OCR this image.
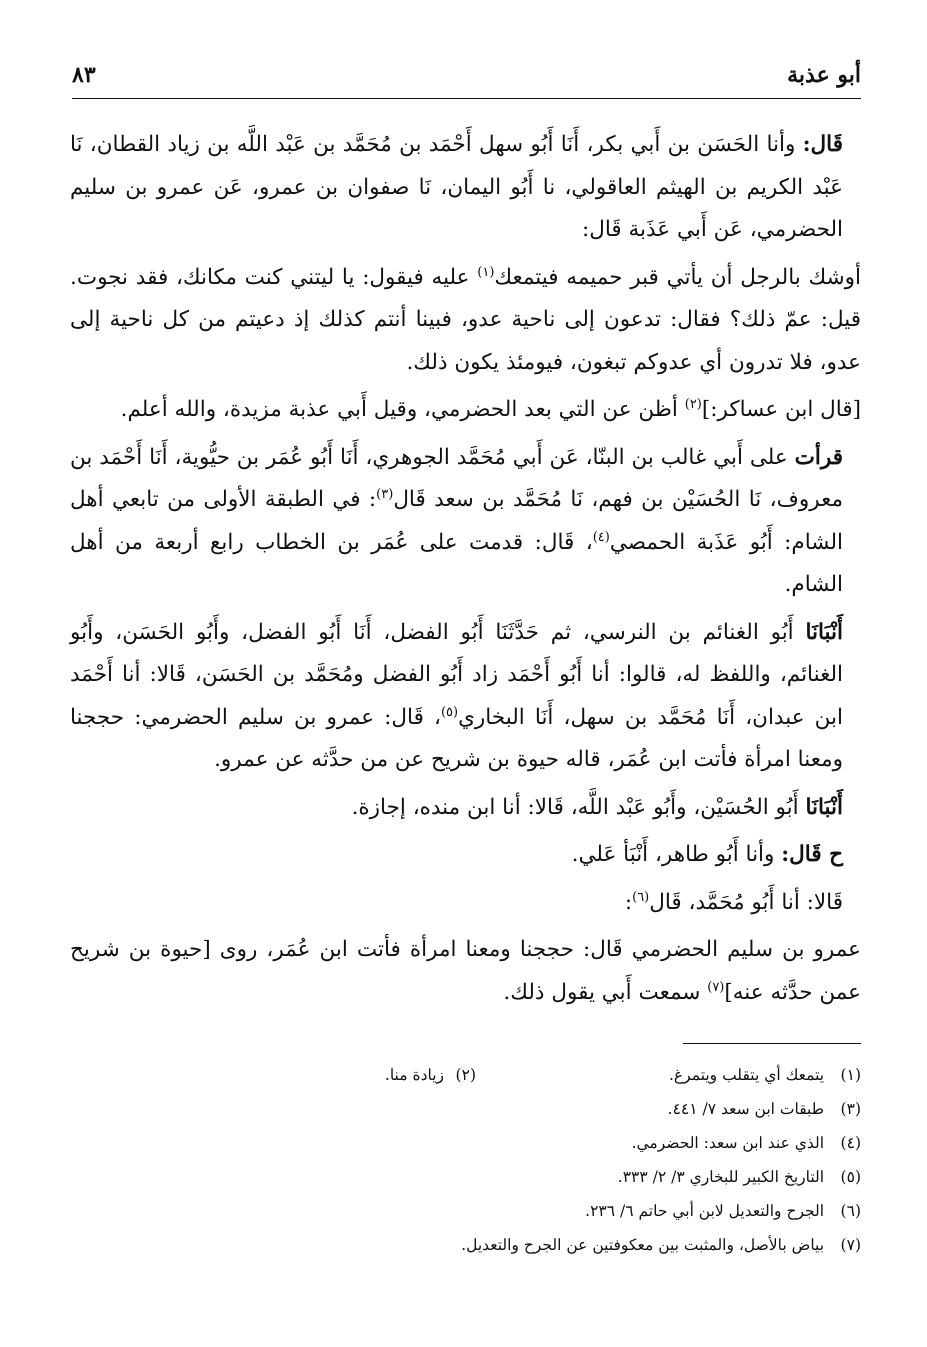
أبو عذبة
٨٣

قَال: وأنا الحَسَن بن أَبي بكر، أَنَا أَبُو سهل أَحْمَد بن مُحَمَّد بن عَبْد اللَّه بن زياد القطان، نَا عَبْد الكريم بن الهيثم العاقولي، نا أَبُو اليمان، نَا صفوان بن عمرو، عَن عمرو بن سليم الحضرمي، عَن أَبي عَذَبة قَال:

أوشك بالرجل أن يأتي قبر حميمه فيتمعك$^{(١)}$ عليه فيقول: يا ليتني كنت مكانك، فقد نجوت. قيل: عمّ ذلك؟ فقال: تدعون إلى ناحية عدو، فبينا أنتم كذلك إذ دعيتم من كل ناحية إلى عدو، فلا تدرون أي عدوكم تبغون، فيومئذ يكون ذلك.

[قال ابن عساكر:]$^{(٢)}$ أظن عن التي بعد الحضرمي، وقيل أَبي عذبة مزيدة، والله أعلم.

قرأت على أَبي غالب بن البنّا، عَن أَبي مُحَمَّد الجوهري، أَنَا أَبُو عُمَر بن حيُّوية، أَنَا أَحْمَد بن معروف، نَا الحُسَيْن بن فهم، نَا مُحَمَّد بن سعد قَال$^{(٣)}$: في الطبقة الأولى من تابعي أهل الشام: أَبُو عَذَبة الحمصي$^{(٤)}$، قَال: قدمت على عُمَر بن الخطاب رابع أربعة من أهل الشام.

أَنْبَانَا أَبُو الغنائم بن النرسي، ثم حَدَّثَنَا أَبُو الفضل، أَنَا أَبُو الفضل، وأَبُو الحَسَن، وأَبُو الغنائم، واللفظ له، قالوا: أنا أَبُو أَحْمَد زاد أَبُو الفضل ومُحَمَّد بن الحَسَن، قَالا: أنا أَحْمَد ابن عبدان، أَنَا مُحَمَّد بن سهل، أَنَا البخاري$^{(٥)}$، قَال: عمرو بن سليم الحضرمي: حججنا ومعنا امرأة فأتت ابن عُمَر، قاله حيوة بن شريح عن من حدَّثه عن عمرو.

أَنْبَانَا أَبُو الحُسَيْن، وأَبُو عَبْد اللَّه، قَالا: أنا ابن منده، إجازة.

ح قَال: وأنا أَبُو طاهر، أَنْبَأ عَلي.

قَالا: أنا أَبُو مُحَمَّد، قَال$^{(٦)}$:

عمرو بن سليم الحضرمي قَال: حججنا ومعنا امرأة فأتت ابن عُمَر، روى [حيوة بن شريح عمن حدَّثه عنه]$^{(٧)}$ سمعت أَبي يقول ذلك.

(١) يتمعك أي يتقلب ويتمرغ.
(٢)زيادة منا.
(٣) طبقات ابن سعد ٧/ ٤٤١.
(٤) الذي عند ابن سعد: الحضرمي.
(٥) التاريخ الكبير للبخاري ٣/ ٢/ ٣٣٣.
(٦) الجرح والتعديل لابن أبي حاتم ٦/ ٢٣٦.
(٧) بياض بالأصل، والمثبت بين معكوفتين عن الجرح والتعديل.
